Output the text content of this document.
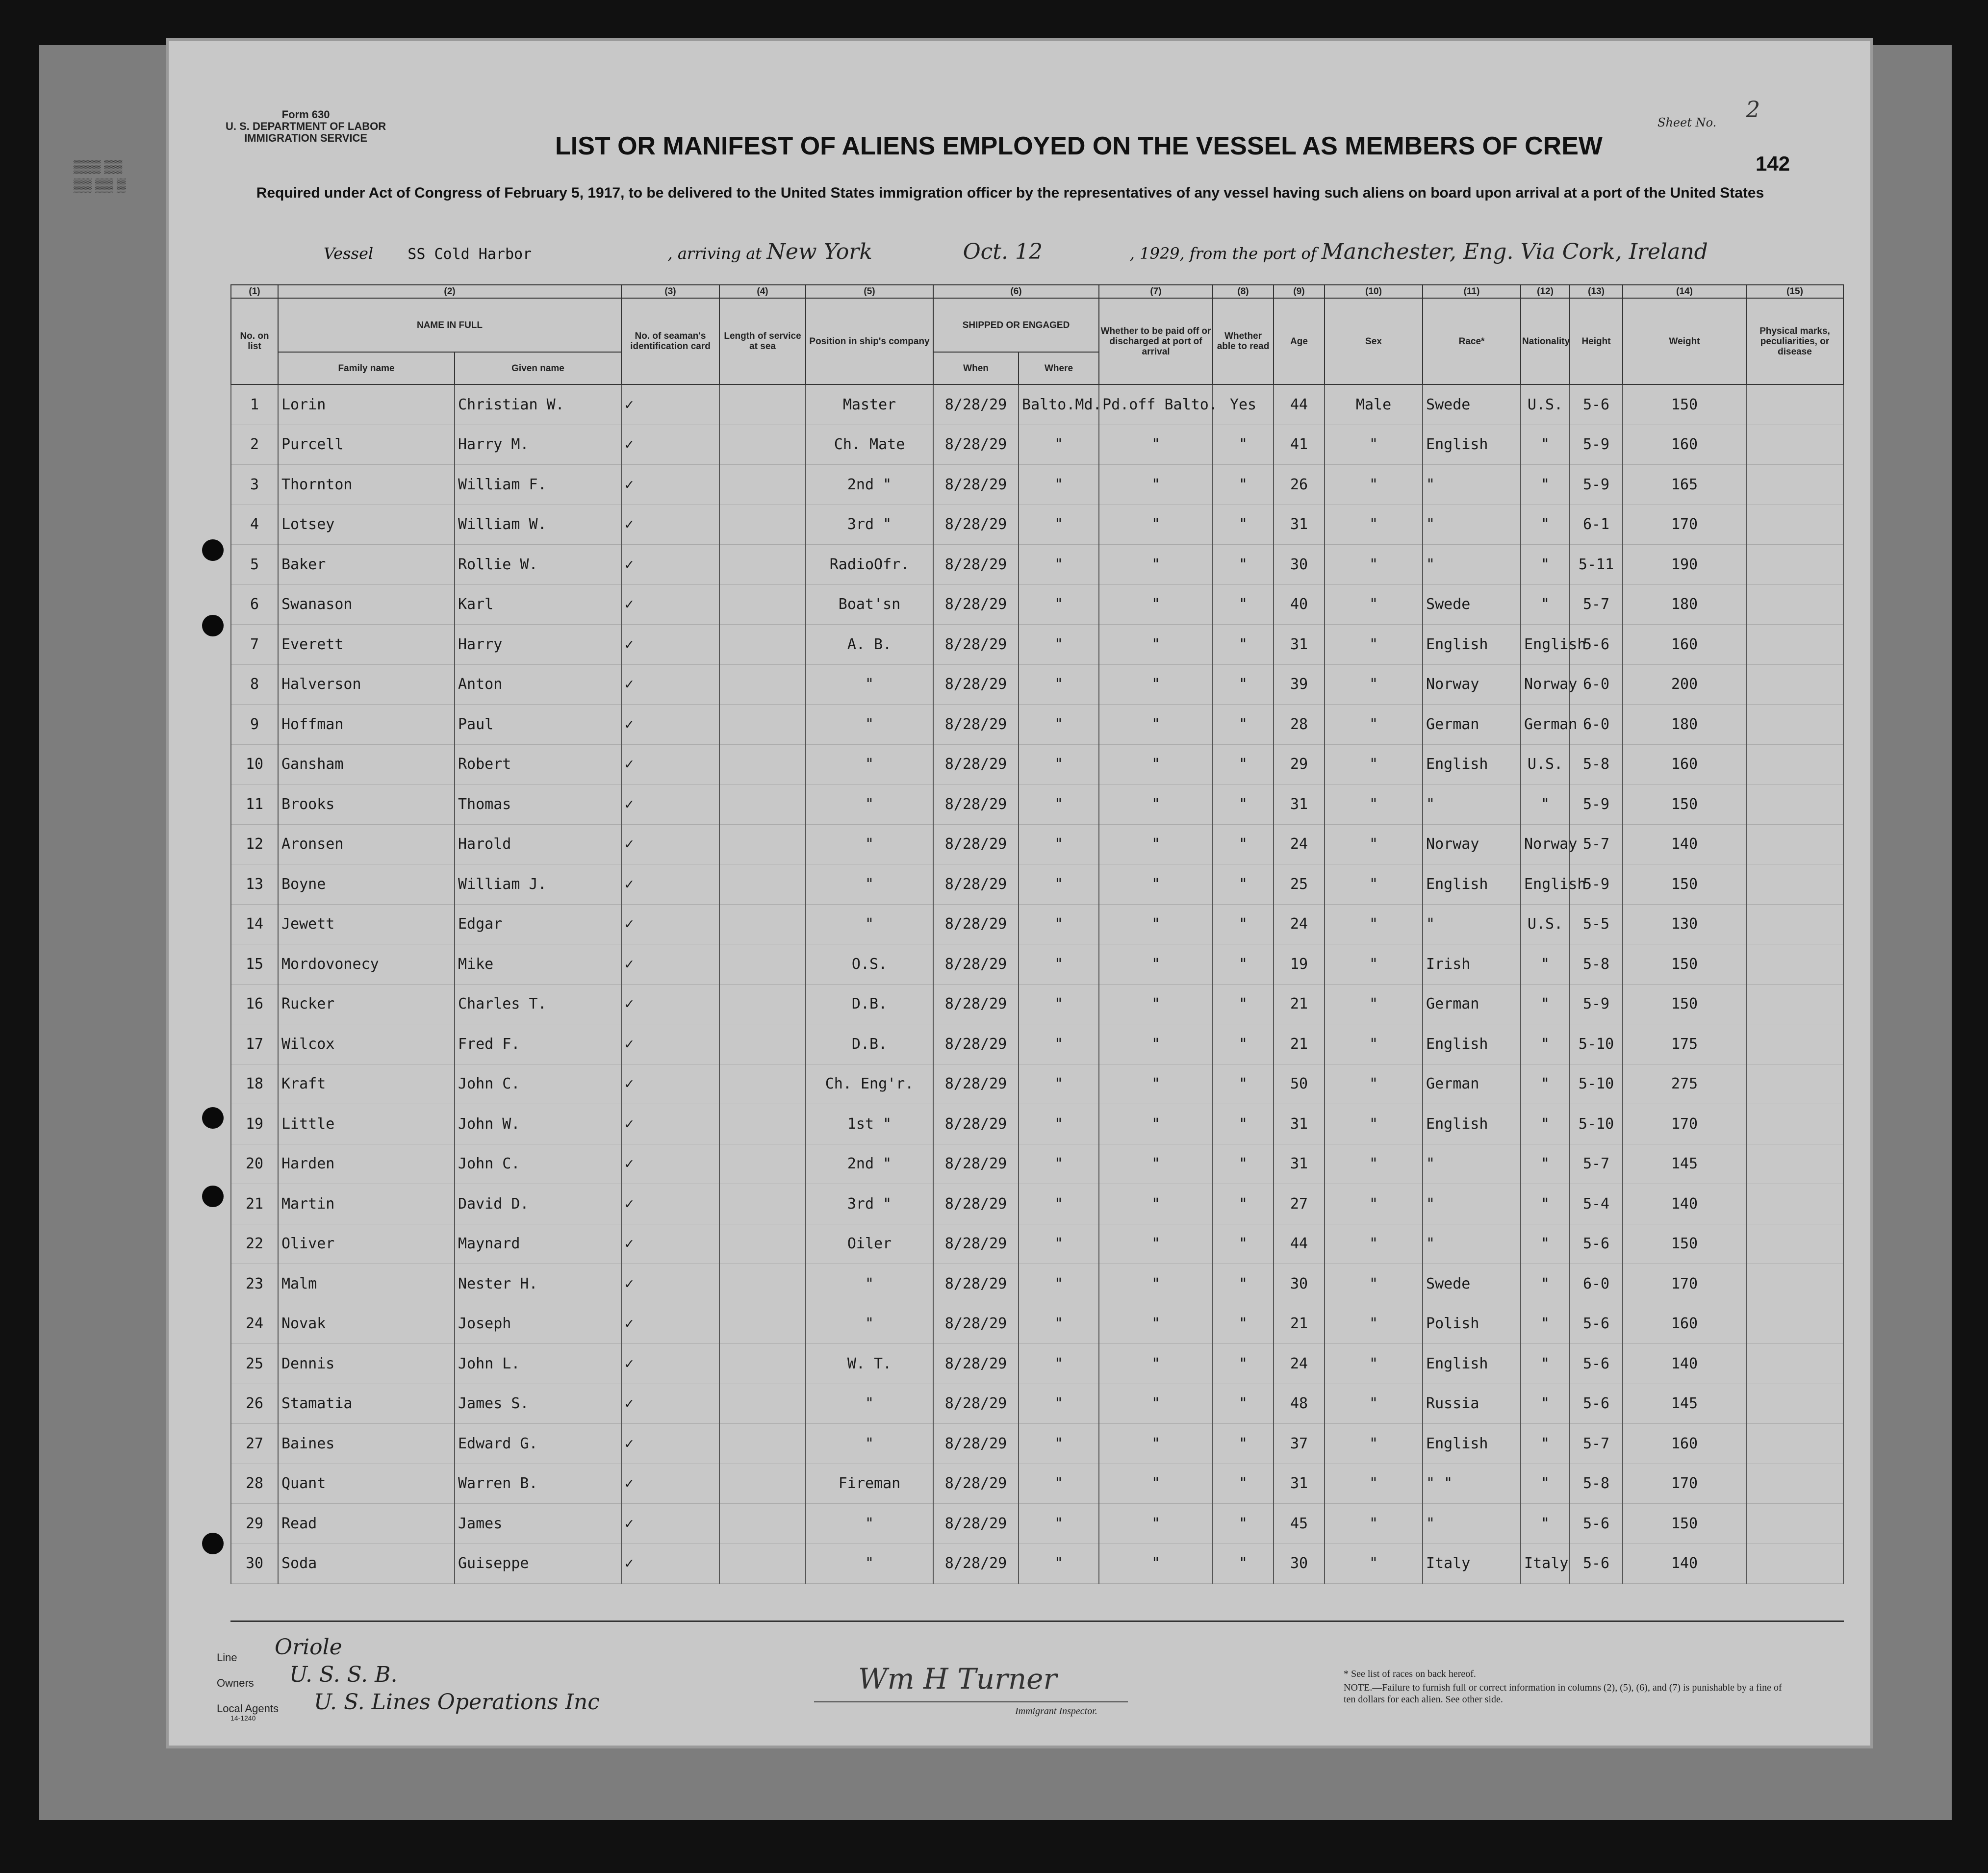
▒▒▒ ▒▒
▒▒ ▒▒ ▒
Form 630
U. S. DEPARTMENT OF LABOR
IMMIGRATION SERVICE
Sheet No. 2
LIST OR MANIFEST OF ALIENS EMPLOYED ON THE VESSEL AS MEMBERS OF CREW
142
Required under Act of Congress of February 5, 1917, to be delivered to the United States immigration officer by the representatives of any vessel having such aliens on board upon arrival at a port of the United States
Vessel SS Cold Harbor	, arriving at New York	Oct. 12	, 1929, from the port of Manchester, Eng. Via Cork, Ireland
(1)	(2)		(3)	(4)	(5)	(6)		(7)	(8)	(9)	(10)	(11)	(12)	(13)	(14)	(15)
No. on list	NAME IN FULL		No. of seaman's identification card	Length of service at sea	Position in ship's company	SHIPPED OR ENGAGED		Whether to be paid off or discharged at port of arrival	Whether able to read	Age	Sex	Race*	Nationality	Height	Weight	Physical marks, peculiarities, or disease
	Family name	Given name				When	Where									
1	Lorin	Christian W.	✓		Master	8/28/29	Balto.Md.	Pd.off Balto.	Yes	44	Male	Swede	U.S.	5-6	150	
2	Purcell	Harry M.	✓		Ch. Mate	8/28/29	"	"	"	41	"	English	"	5-9	160	
3	Thornton	William F.	✓		2nd "	8/28/29	"	"	"	26	"	"	"	5-9	165	
4	Lotsey	William W.	✓		3rd "	8/28/29	"	"	"	31	"	"	"	6-1	170	
5	Baker	Rollie W.	✓		RadioOfr.	8/28/29	"	"	"	30	"	"	"	5-11	190	
6	Swanason	Karl	✓		Boat'sn	8/28/29	"	"	"	40	"	Swede	"	5-7	180	
7	Everett	Harry	✓		A. B.	8/28/29	"	"	"	31	"	English	English	5-6	160	
8	Halverson	Anton	✓		"	8/28/29	"	"	"	39	"	Norway	Norway	6-0	200	
9	Hoffman	Paul	✓		"	8/28/29	"	"	"	28	"	German	German	6-0	180	
10	Gansham	Robert	✓		"	8/28/29	"	"	"	29	"	English	U.S.	5-8	160	
11	Brooks	Thomas	✓		"	8/28/29	"	"	"	31	"	"	"	5-9	150	
12	Aronsen	Harold	✓		"	8/28/29	"	"	"	24	"	Norway	Norway	5-7	140	
13	Boyne	William J.	✓		"	8/28/29	"	"	"	25	"	English	English	5-9	150	
14	Jewett	Edgar	✓		"	8/28/29	"	"	"	24	"	"	U.S.	5-5	130	
15	Mordovonecy	Mike	✓		O.S.	8/28/29	"	"	"	19	"	Irish	"	5-8	150	
16	Rucker	Charles T.	✓		D.B.	8/28/29	"	"	"	21	"	German	"	5-9	150	
17	Wilcox	Fred F.	✓		D.B.	8/28/29	"	"	"	21	"	English	"	5-10	175	
18	Kraft	John C.	✓		Ch. Eng'r.	8/28/29	"	"	"	50	"	German	"	5-10	275	
19	Little	John W.	✓		1st "	8/28/29	"	"	"	31	"	English	"	5-10	170	
20	Harden	John C.	✓		2nd "	8/28/29	"	"	"	31	"	"	"	5-7	145	
21	Martin	David D.	✓		3rd "	8/28/29	"	"	"	27	"	"	"	5-4	140	
22	Oliver	Maynard	✓		Oiler	8/28/29	"	"	"	44	"	"	"	5-6	150	
23	Malm	Nester H.	✓		"	8/28/29	"	"	"	30	"	Swede	"	6-0	170	
24	Novak	Joseph	✓		"	8/28/29	"	"	"	21	"	Polish	"	5-6	160	
25	Dennis	John L.	✓		W. T.	8/28/29	"	"	"	24	"	English	"	5-6	140	
26	Stamatia	James S.	✓		"	8/28/29	"	"	"	48	"	Russia	"	5-6	145	
27	Baines	Edward G.	✓		"	8/28/29	"	"	"	37	"	English	"	5-7	160	
28	Quant	Warren B.	✓		Fireman	8/28/29	"	"	"	31	"	" "	"	5-8	170	
29	Read	James	✓		"	8/28/29	"	"	"	45	"	"	"	5-6	150	
30	Soda	Guiseppe	✓		"	8/28/29	"	"	"	30	"	Italy	Italy	5-6	140	
Line Oriole
Owners U. S. S. B.
Local Agents
14-1240
U. S. Lines Operations Inc
Wm H Turner
Immigrant Inspector.
* See list of races on back hereof.
NOTE.—Failure to furnish full or correct information in columns (2), (5), (6), and (7) is punishable by a fine of ten dollars for each alien. See other side.
